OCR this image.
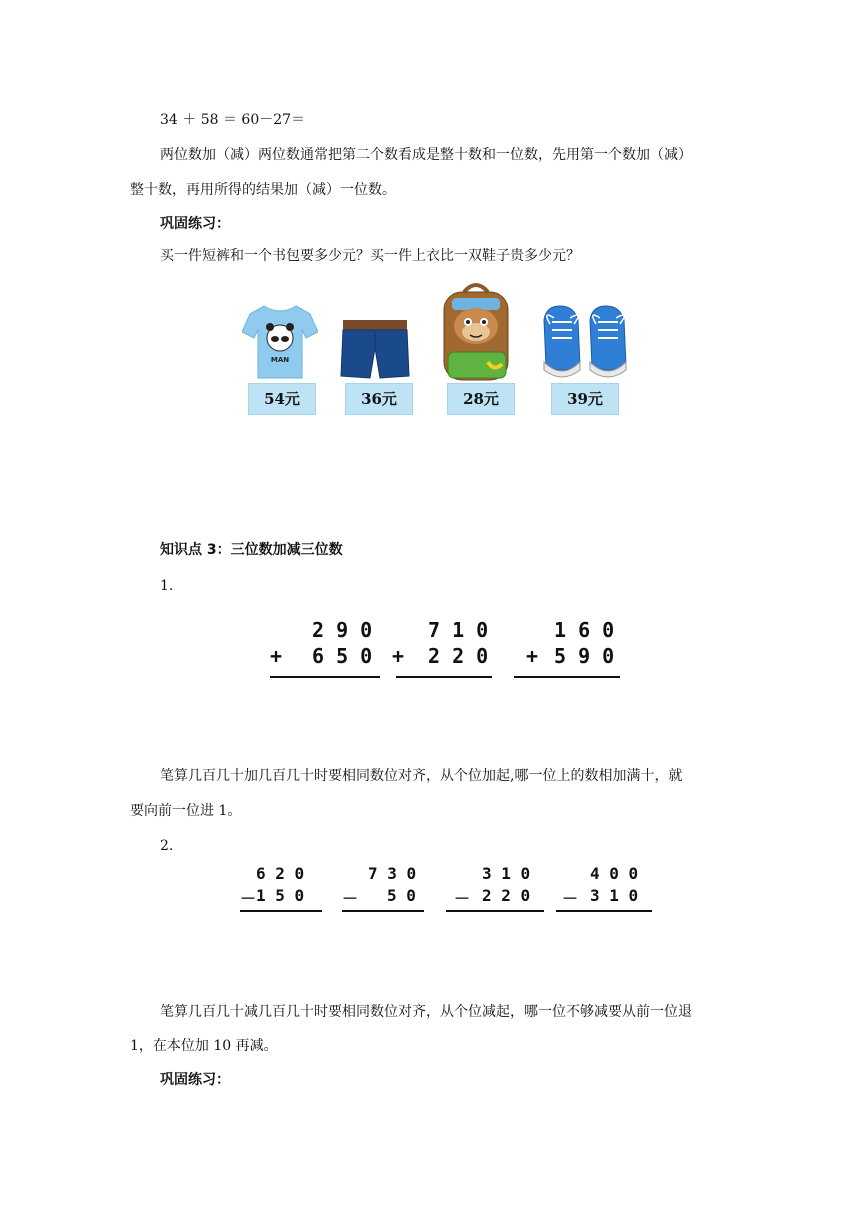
34 ＋ 58 ＝ 60－27＝
两位数加（减）两位数通常把第二个数看成是整十数和一位数，先用第一个数加（减）
整十数，再用所得的结果加（减）一位数。
巩固练习：
买一件短裤和一个书包要多少元？买一件上衣比一双鞋子贵多少元？
MAN
54元	36元	28元	39元
知识点 3：三位数加减三位数
1.
2 9 0
+ 6 5 0
7 1 0
+ 2 2 0
1 6 0
+ 5 9 0
笔算几百几十加几百几十时要相同数位对齐，从个位加起,哪一位上的数相加满十，就
要向前一位进 1。
2.
6 2 0
－ 1 5 0
7 3 0
－ 5 0
3 1 0
－ 2 2 0
4 0 0
－ 3 1 0
笔算几百几十减几百几十时要相同数位对齐，从个位减起，哪一位不够减要从前一位退
1，在本位加 10 再减。
巩固练习：
